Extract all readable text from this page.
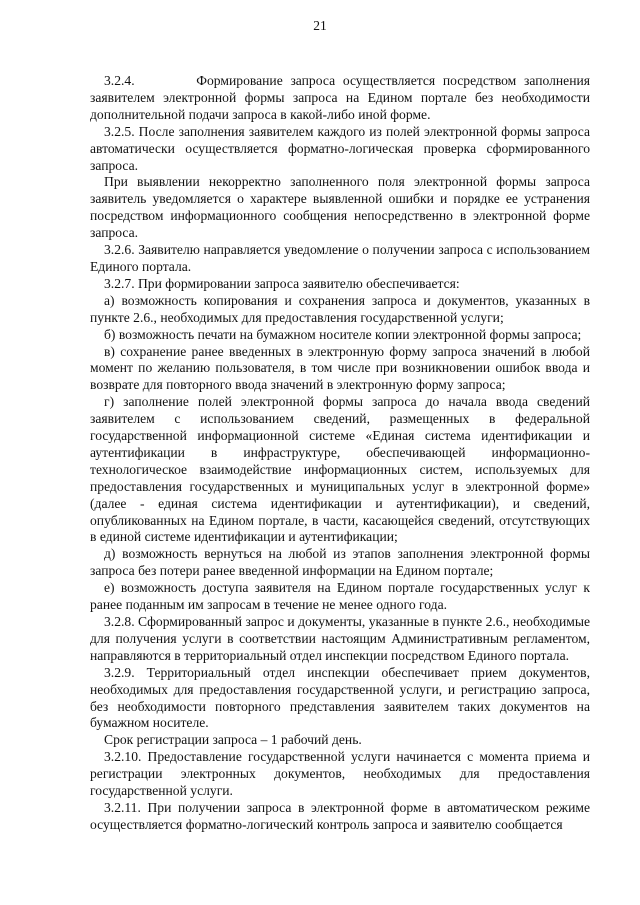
21

3.2.4.        Формирование запроса осуществляется посредством заполнения заявителем электронной формы запроса на Едином портале без необходимости дополнительной подачи запроса в какой-либо иной форме.

3.2.5. После заполнения заявителем каждого из полей электронной формы запроса автоматически осуществляется форматно-логическая проверка сформированного запроса.

При выявлении некорректно заполненного поля электронной формы запроса заявитель уведомляется о характере выявленной ошибки и порядке ее устранения посредством информационного сообщения непосредственно в электронной форме запроса.

3.2.6. Заявителю направляется уведомление о получении запроса с использованием Единого портала.

3.2.7. При формировании запроса заявителю обеспечивается:

а) возможность копирования и сохранения запроса и документов, указанных в пункте 2.6., необходимых для предоставления государственной услуги;

б) возможность печати на бумажном носителе копии электронной формы запроса;

в) сохранение ранее введенных в электронную форму запроса значений в любой момент по желанию пользователя, в том числе при возникновении ошибок ввода и возврате для повторного ввода значений в электронную форму запроса;

г) заполнение полей электронной формы запроса до начала ввода сведений заявителем с использованием сведений, размещенных в федеральной государственной информационной системе «Единая система идентификации и аутентификации в инфраструктуре, обеспечивающей информационно-технологическое взаимодействие информационных систем, используемых для предоставления государственных и муниципальных услуг в электронной форме» (далее - единая система идентификации и аутентификации), и сведений, опубликованных на Едином портале, в части, касающейся сведений, отсутствующих в единой системе идентификации и аутентификации;

д) возможность вернуться на любой из этапов заполнения электронной формы запроса без потери ранее введенной информации на Едином портале;

е) возможность доступа заявителя на Едином портале государственных услуг к ранее поданным им запросам в течение не менее одного года.

3.2.8. Сформированный запрос и документы, указанные в пункте 2.6., необходимые для получения услуги в соответствии настоящим Административным регламентом, направляются в территориальный отдел инспекции посредством Единого портала.

3.2.9. Территориальный отдел инспекции обеспечивает прием документов, необходимых для предоставления государственной услуги, и регистрацию запроса, без необходимости повторного представления заявителем таких документов на бумажном носителе.

Срок регистрации запроса – 1 рабочий день.

3.2.10. Предоставление государственной услуги начинается с момента приема и регистрации электронных документов, необходимых для предоставления государственной услуги.

3.2.11. При получении запроса в электронной форме в автоматическом режиме осуществляется форматно-логический контроль запроса и заявителю сообщается
